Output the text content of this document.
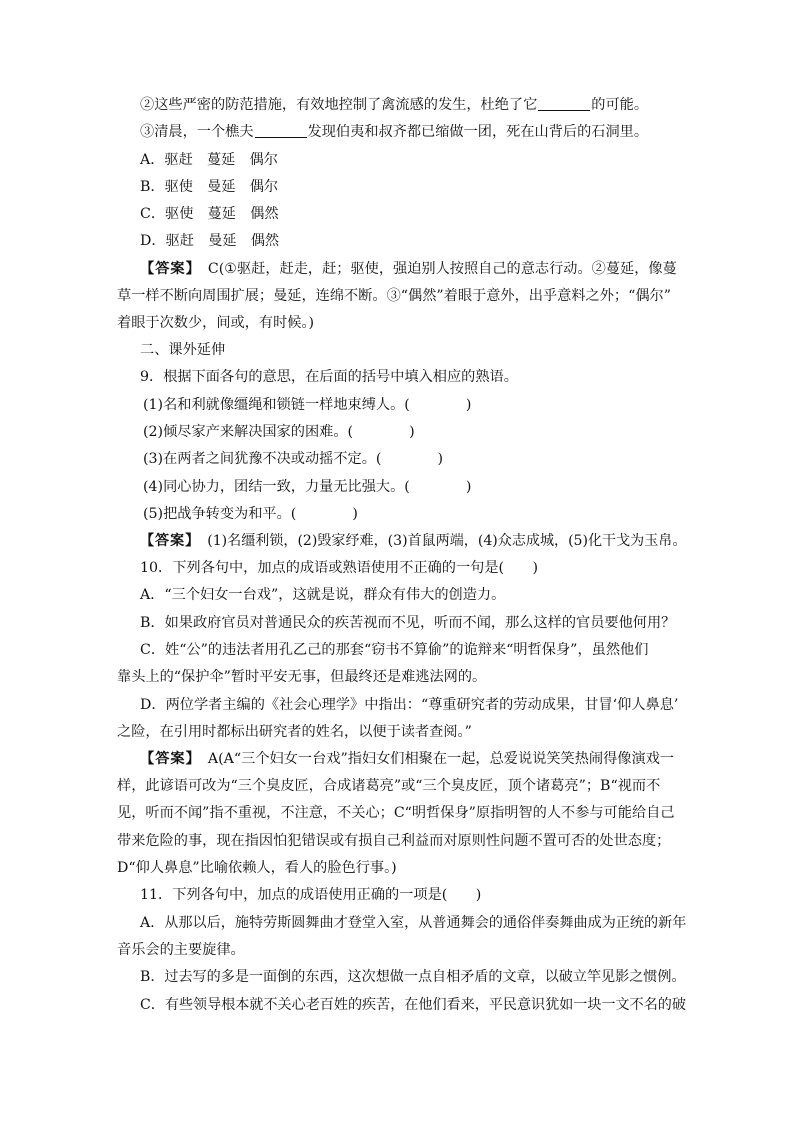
②这些严密的防范措施，有效地控制了禽流感的发生，杜绝了它	的可能。
③清晨，一个樵夫	发现伯夷和叔齐都已缩做一团，死在山背后的石洞里。
A．驱赶　蔓延　偶尔
B．驱使　曼延　偶尔
C．驱使　蔓延　偶然
D．驱赶　曼延　偶然
【答案】　 C(①驱赶，赶走，赶；驱使，强迫别人按照自己的意志行动。②蔓延，像蔓
草一样不断向周围扩展；曼延，连绵不断。③“偶然”着眼于意外，出乎意料之外；“偶尔”
着眼于次数少，间或，有时候。)
二、课外延伸
9．根据下面各句的意思，在后面的括号中填入相应的熟语。
(1)名和利就像缰绳和锁链一样地束缚人。(	)
(2)倾尽家产来解决国家的困难。(	)
(3)在两者之间犹豫不决或动摇不定。(	)
(4)同心协力，团结一致，力量无比强大。(	)
(5)把战争转变为和平。(	)
【答案】　 (1)名缰利锁，(2)毁家纾难，(3)首鼠两端，(4)众志成城，(5)化干戈为玉帛。
10．下列各句中，加点的成语或熟语使用不正确的一句是(　　)
A．“三个妇女一台戏”，这就是说，群众有伟大的创造力。
B．如果政府官员对普通民众的疾苦视而不见，听而不闻，那么这样的官员要他何用？
C．姓“公”的违法者用孔乙己的那套“窃书不算偷”的诡辩来“明哲保身”，虽然他们
靠头上的“保护伞”暂时平安无事，但最终还是难逃法网的。
D．两位学者主编的《社会心理学》中指出：“尊重研究者的劳动成果，甘冒‘仰人鼻息’
之险，在引用时都标出研究者的姓名，以便于读者查阅。”
【答案】　 A(A“三个妇女一台戏”指妇女们相聚在一起，总爱说说笑笑热闹得像演戏一
样，此谚语可改为“三个臭皮匠，合成诸葛亮”或“三个臭皮匠，顶个诸葛亮”；B“视而不
见，听而不闻”指不重视，不注意，不关心；C“明哲保身”原指明智的人不参与可能给自己
带来危险的事，现在指因怕犯错误或有损自己利益而对原则性问题不置可否的处世态度；
D“仰人鼻息”比喻依赖人，看人的脸色行事。)
11．下列各句中，加点的成语使用正确的一项是(　　)
A．从那以后，施特劳斯圆舞曲才登堂入室，从普通舞会的通俗伴奏舞曲成为正统的新年
音乐会的主要旋律。
B．过去写的多是一面倒的东西，这次想做一点自相矛盾的文章，以破立竿见影之惯例。
C．有些领导根本就不关心老百姓的疾苦，在他们看来，平民意识犹如一块一文不名的破
